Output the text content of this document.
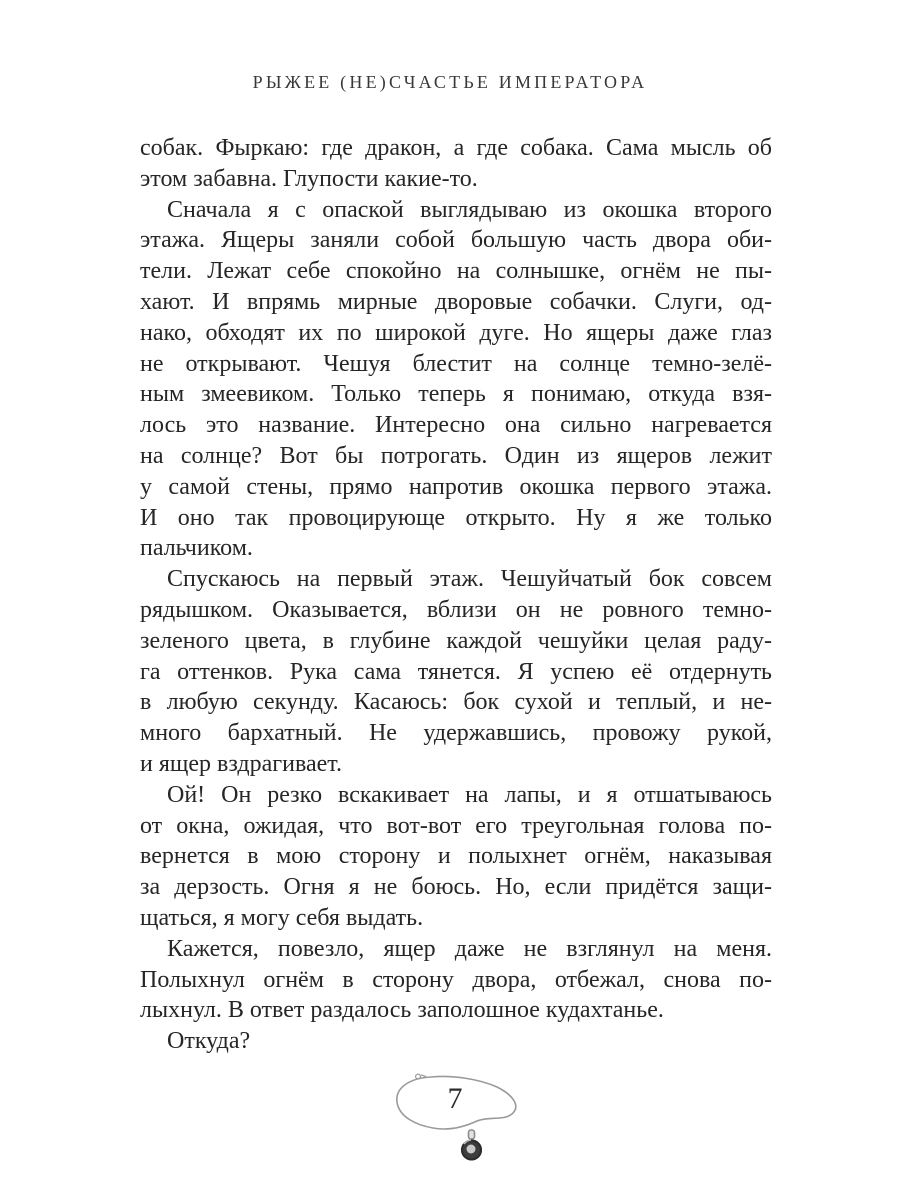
РЫЖЕЕ (НЕ)СЧАСТЬЕ ИМПЕРАТОРА
собак. Фыркаю: где дракон, а где собака. Сама мысль об
этом забавна. Глупости какие-то.
Сначала я с опаской выглядываю из окошка второго
этажа. Ящеры заняли собой большую часть двора оби-
тели. Лежат себе спокойно на солнышке, огнём не пы-
хают. И впрямь мирные дворовые собачки. Слуги, од-
нако, обходят их по широкой дуге. Но ящеры даже глаз
не открывают. Чешуя блестит на солнце темно-зелё-
ным змеевиком. Только теперь я понимаю, откуда взя-
лось это название. Интересно она сильно нагревается
на солнце? Вот бы потрогать. Один из ящеров лежит
у самой стены, прямо напротив окошка первого этажа.
И оно так провоцирующе открыто. Ну я же только
пальчиком.
Спускаюсь на первый этаж. Чешуйчатый бок совсем
рядышком. Оказывается, вблизи он не ровного темно-
зеленого цвета, в глубине каждой чешуйки целая раду-
га оттенков. Рука сама тянется. Я успею её отдернуть
в любую секунду. Касаюсь: бок сухой и теплый, и не-
много бархатный. Не удержавшись, провожу рукой,
и ящер вздрагивает.
Ой! Он резко вскакивает на лапы, и я отшатываюсь
от окна, ожидая, что вот-вот его треугольная голова по-
вернется в мою сторону и полыхнет огнём, наказывая
за дерзость. Огня я не боюсь. Но, если придётся защи-
щаться, я могу себя выдать.
Кажется, повезло, ящер даже не взглянул на меня.
Полыхнул огнём в сторону двора, отбежал, снова по-
лыхнул. В ответ раздалось заполошное кудахтанье.
Откуда?
7
